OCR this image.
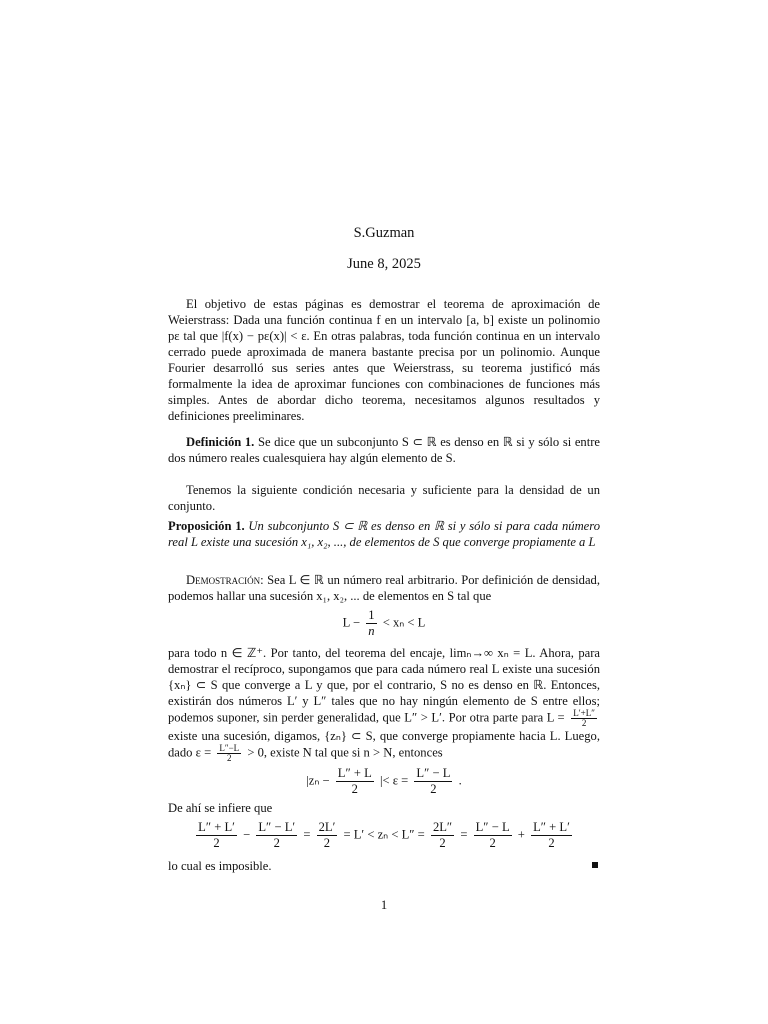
S.Guzman
June 8, 2025
El objetivo de estas páginas es demostrar el teorema de aproximación de Weierstrass: Dada una función continua f en un intervalo [a, b] existe un polinomio pε tal que |f(x) − pε(x)| < ε. En otras palabras, toda función continua en un intervalo cerrado puede aproximada de manera bastante precisa por un polinomio. Aunque Fourier desarrolló sus series antes que Weierstrass, su teorema justificó más formalmente la idea de aproximar funciones con combinaciones de funciones más simples. Antes de abordar dicho teorema, necesitamos algunos resultados y definiciones preeliminares.
Definición 1. Se dice que un subconjunto S ⊂ ℝ es denso en ℝ si y sólo si entre dos número reales cualesquiera hay algún elemento de S.
Tenemos la siguiente condición necesaria y suficiente para la densidad de un conjunto.
Proposición 1. Un subconjunto S ⊂ ℝ es denso en ℝ si y sólo si para cada número real L existe una sucesión x₁, x₂, ..., de elementos de S que converge propiamente a L
Demostración: Sea L ∈ ℝ un número real arbitrario. Por definición de densidad, podemos hallar una sucesión x₁, x₂, ... de elementos en S tal que
$L - \frac{1}{n} < x_n < L$
para todo n ∈ ℤ⁺. Por tanto, del teorema del encaje, limₙ→∞ xₙ = L. Ahora, para demostrar el recíproco, supongamos que para cada número real L existe una sucesión {xₙ} ⊂ S que converge a L y que, por el contrario, S no es denso en ℝ. Entonces, existirán dos números L′ y L″ tales que no hay ningún elemento de S entre ellos; podemos suponer, sin perder generalidad, que L″ > L′. Por otra parte para $L = \frac{L'+L''}{2}$
existe una sucesión, digamos, {zₙ} ⊂ S, que converge propiamente hacia L. Luego, dado $\varepsilon = \frac{L''-L}{2} > 0$, existe N tal que si n > N, entonces
$|z_n - \frac{L'' + L}{2}$ |< $\varepsilon = \frac{L'' - L}{2}$ .
De ahí se infiere que
$\frac{L'' + L'}{2} - \frac{L'' - L'}{2} = \frac{2L'}{2} = L' < z_n < L'' = \frac{2L''}{2} = \frac{L'' - L}{2} + \frac{L'' + L'}{2}$
lo cual es imposible.
1
